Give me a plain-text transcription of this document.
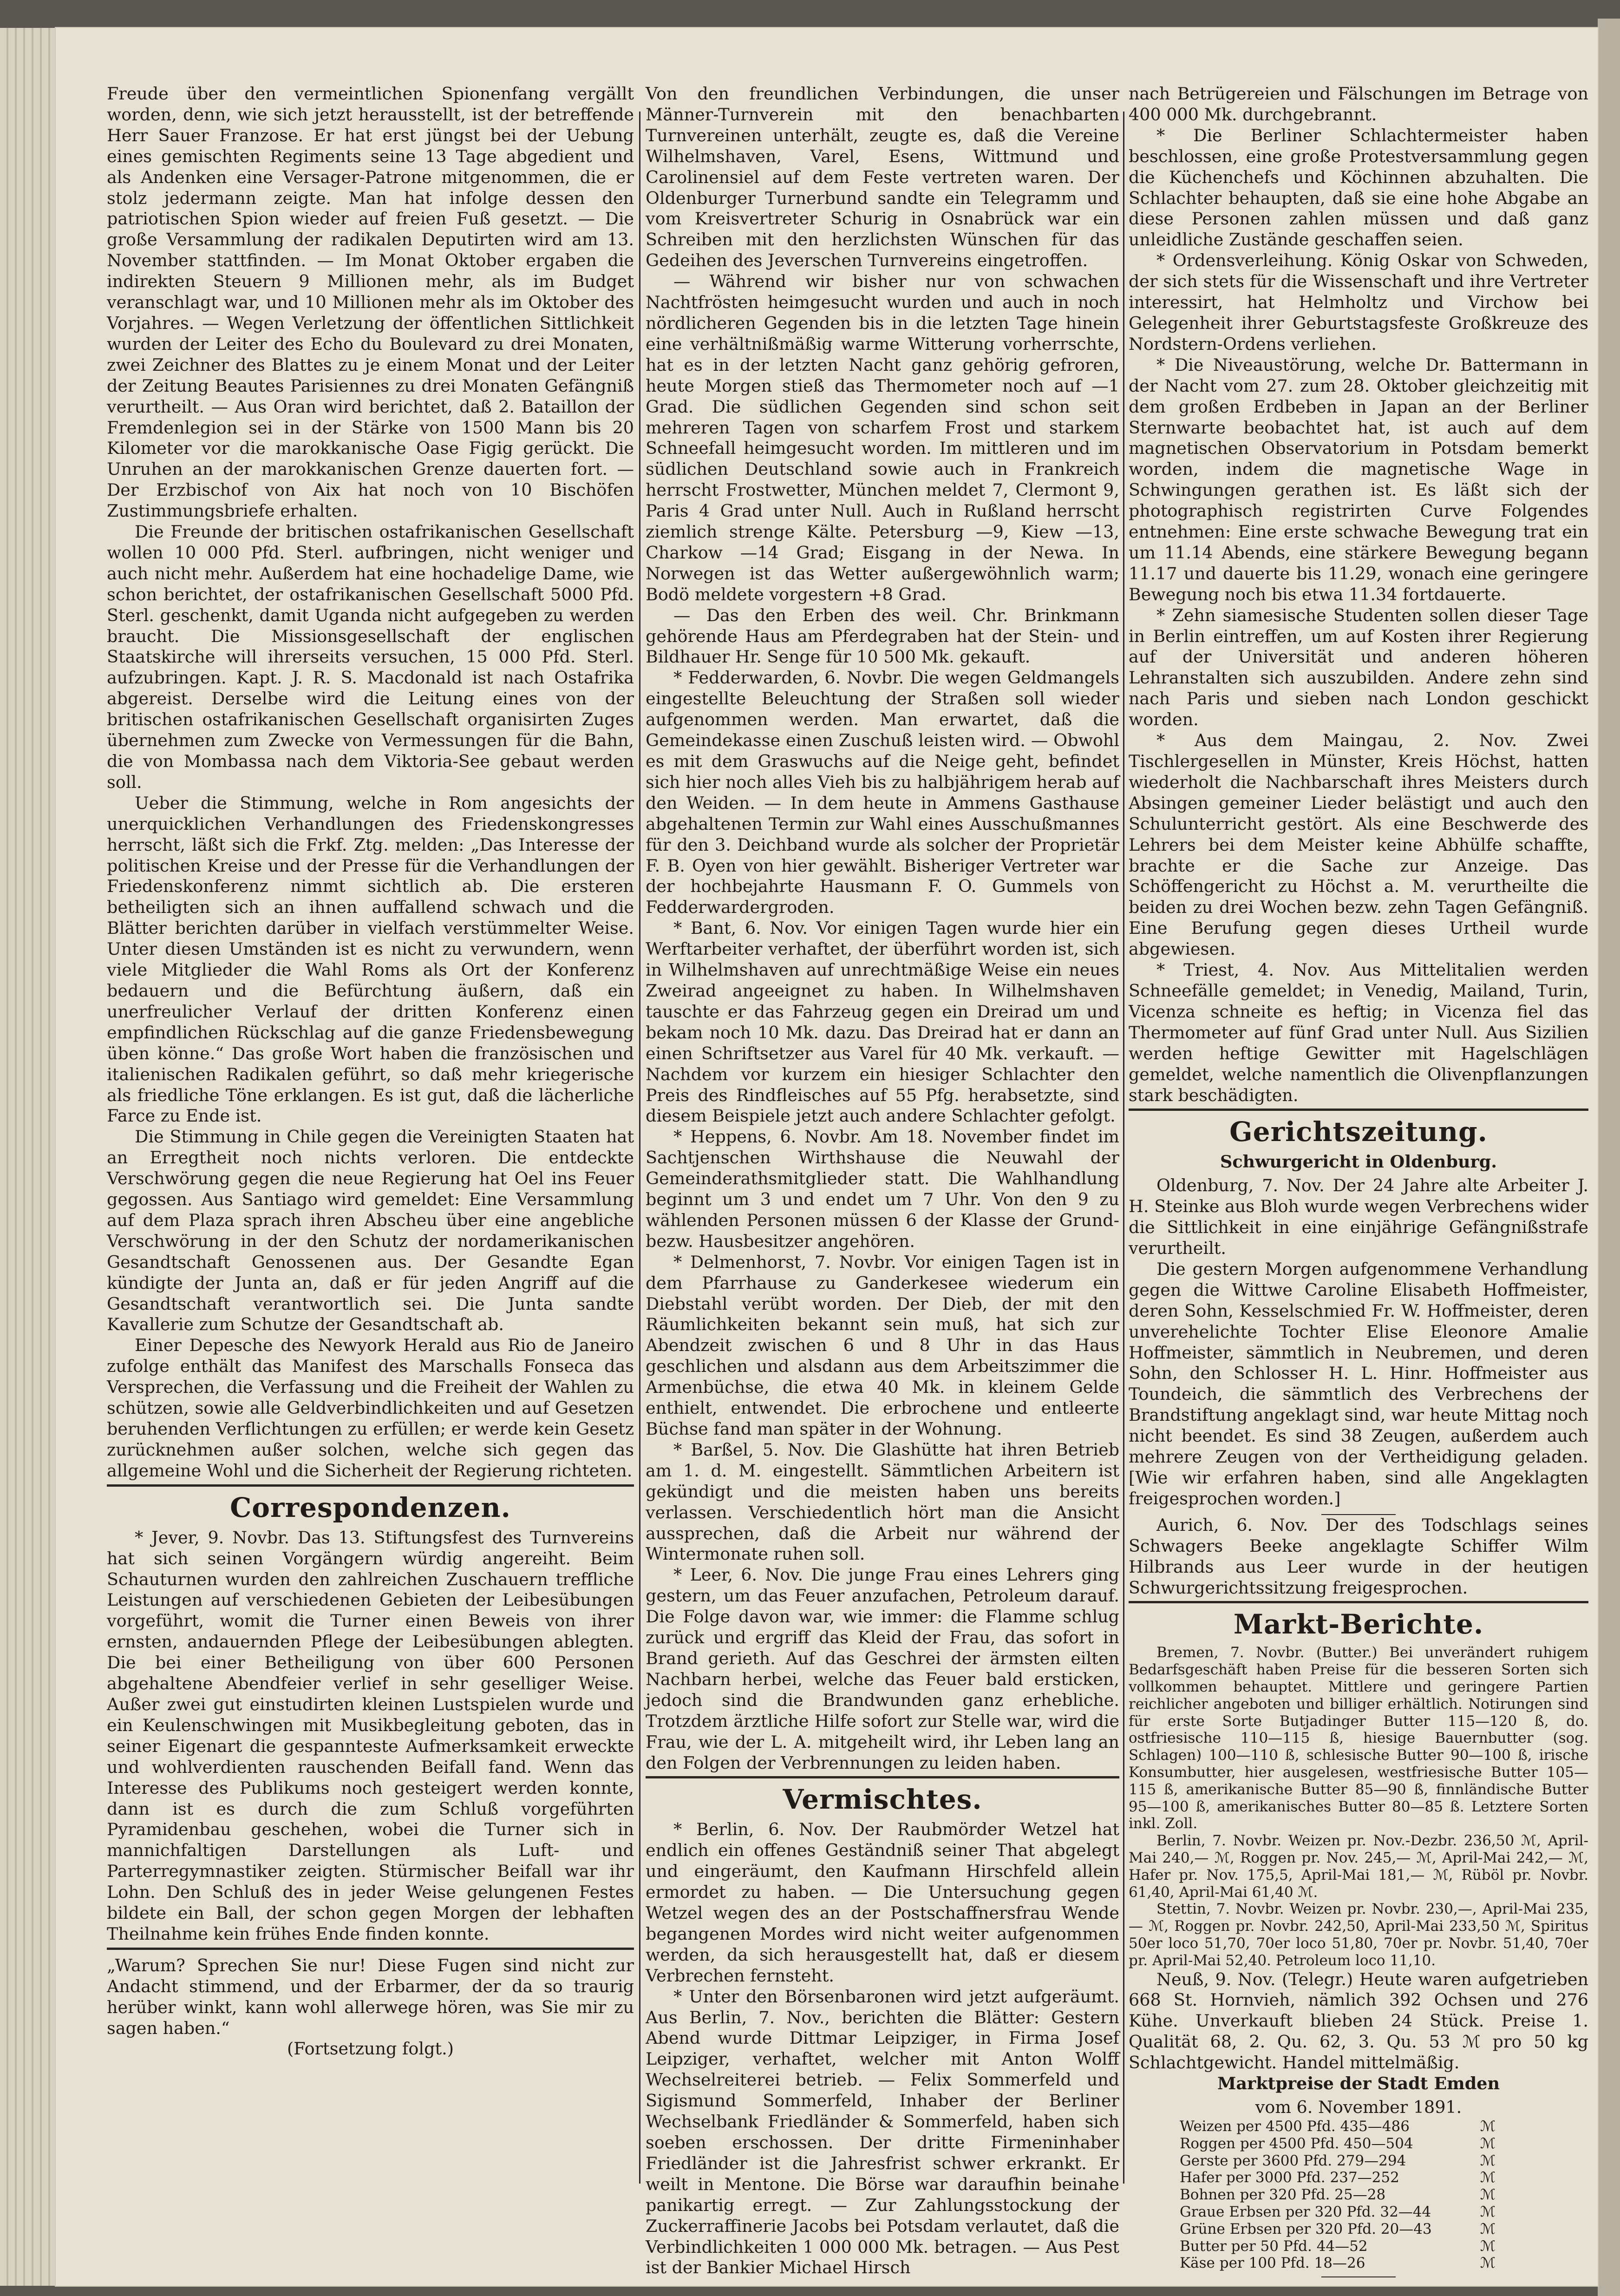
Freude über den vermeintlichen Spionenfang vergällt worden, denn, wie sich jetzt herausstellt, ist der betreffende Herr Sauer Franzose. Er hat erst jüngst bei der Uebung eines gemischten Regiments seine 13 Tage abgedient und als Andenken eine Versager-Patrone mitgenommen, die er stolz jedermann zeigte. Man hat infolge dessen den patriotischen Spion wieder auf freien Fuß gesetzt. — Die große Versammlung der radikalen Deputirten wird am 13. November stattfinden. — Im Monat Oktober ergaben die indirekten Steuern 9 Millionen mehr, als im Budget veranschlagt war, und 10 Millionen mehr als im Oktober des Vorjahres. — Wegen Verletzung der öffentlichen Sittlichkeit wurden der Leiter des Echo du Boulevard zu drei Monaten, zwei Zeichner des Blattes zu je einem Monat und der Leiter der Zeitung Beautes Parisiennes zu drei Monaten Gefängniß verurtheilt. — Aus Oran wird berichtet, daß 2. Bataillon der Fremdenlegion sei in der Stärke von 1500 Mann bis 20 Kilometer vor die marokkanische Oase Figig gerückt. Die Unruhen an der marokkanischen Grenze dauerten fort. — Der Erzbischof von Aix hat noch von 10 Bischöfen Zustimmungsbriefe erhalten.

Die Freunde der britischen ostafrikanischen Gesellschaft wollen 10 000 Pfd. Sterl. aufbringen, nicht weniger und auch nicht mehr. Außerdem hat eine hochadelige Dame, wie schon berichtet, der ostafrikanischen Gesellschaft 5000 Pfd. Sterl. geschenkt, damit Uganda nicht aufgegeben zu werden braucht. Die Missionsgesellschaft der englischen Staatskirche will ihrerseits versuchen, 15 000 Pfd. Sterl. aufzubringen. Kapt. J. R. S. Macdonald ist nach Ostafrika abgereist. Derselbe wird die Leitung eines von der britischen ostafrikanischen Gesellschaft organisirten Zuges übernehmen zum Zwecke von Vermessungen für die Bahn, die von Mombassa nach dem Viktoria-See gebaut werden soll.

Ueber die Stimmung, welche in Rom angesichts der unerquicklichen Verhandlungen des Friedenskongresses herrscht, läßt sich die Frkf. Ztg. melden: „Das Interesse der politischen Kreise und der Presse für die Verhandlungen der Friedenskonferenz nimmt sichtlich ab. Die ersteren betheiligten sich an ihnen auffallend schwach und die Blätter berichten darüber in vielfach verstümmelter Weise. Unter diesen Umständen ist es nicht zu verwundern, wenn viele Mitglieder die Wahl Roms als Ort der Konferenz bedauern und die Befürchtung äußern, daß ein unerfreulicher Verlauf der dritten Konferenz einen empfindlichen Rückschlag auf die ganze Friedensbewegung üben könne.“ Das große Wort haben die französischen und italienischen Radikalen geführt, so daß mehr kriegerische als friedliche Töne erklangen. Es ist gut, daß die lächerliche Farce zu Ende ist.

Die Stimmung in Chile gegen die Vereinigten Staaten hat an Erregtheit noch nichts verloren. Die entdeckte Verschwörung gegen die neue Regierung hat Oel ins Feuer gegossen. Aus Santiago wird gemeldet: Eine Versammlung auf dem Plaza sprach ihren Abscheu über eine angebliche Verschwörung in der den Schutz der nordamerikanischen Gesandtschaft Genossenen aus. Der Gesandte Egan kündigte der Junta an, daß er für jeden Angriff auf die Gesandtschaft verantwortlich sei. Die Junta sandte Kavallerie zum Schutze der Gesandtschaft ab.

Einer Depesche des Newyork Herald aus Rio de Janeiro zufolge enthält das Manifest des Marschalls Fonseca das Versprechen, die Verfassung und die Freiheit der Wahlen zu schützen, sowie alle Geldverbindlichkeiten und auf Gesetzen beruhenden Verflichtungen zu erfüllen; er werde kein Gesetz zurücknehmen außer solchen, welche sich gegen das allgemeine Wohl und die Sicherheit der Regierung richteten.

Correspondenzen.

* Jever, 9. Novbr. Das 13. Stiftungsfest des Turnvereins hat sich seinen Vorgängern würdig angereiht. Beim Schauturnen wurden den zahlreichen Zuschauern treffliche Leistungen auf verschiedenen Gebieten der Leibesübungen vorgeführt, womit die Turner einen Beweis von ihrer ernsten, andauernden Pflege der Leibesübungen ablegten. Die bei einer Betheiligung von über 600 Personen abgehaltene Abendfeier verlief in sehr geselliger Weise. Außer zwei gut einstudirten kleinen Lustspielen wurde und ein Keulenschwingen mit Musikbegleitung geboten, das in seiner Eigenart die gespannteste Aufmerksamkeit erweckte und wohlverdienten rauschenden Beifall fand. Wenn das Interesse des Publikums noch gesteigert werden konnte, dann ist es durch die zum Schluß vorgeführten Pyramidenbau geschehen, wobei die Turner sich in mannichfaltigen Darstellungen als Luft- und Parterregymnastiker zeigten. Stürmischer Beifall war ihr Lohn. Den Schluß des in jeder Weise gelungenen Festes bildete ein Ball, der schon gegen Morgen der lebhaften Theilnahme kein frühes Ende finden konnte.

„Warum? Sprechen Sie nur! Diese Fugen sind nicht zur Andacht stimmend, und der Erbarmer, der da so traurig herüber winkt, kann wohl allerwege hören, was Sie mir zu sagen haben.“

(Fortsetzung folgt.)

Von den freundlichen Verbindungen, die unser Männer-Turnverein mit den benachbarten Turnvereinen unterhält, zeugte es, daß die Vereine Wilhelmshaven, Varel, Esens, Wittmund und Carolinensiel auf dem Feste vertreten waren. Der Oldenburger Turnerbund sandte ein Telegramm und vom Kreisvertreter Schurig in Osnabrück war ein Schreiben mit den herzlichsten Wünschen für das Gedeihen des Jeverschen Turnvereins eingetroffen.

— Während wir bisher nur von schwachen Nachtfrösten heimgesucht wurden und auch in noch nördlicheren Gegenden bis in die letzten Tage hinein eine verhältnißmäßig warme Witterung vorherrschte, hat es in der letzten Nacht ganz gehörig gefroren, heute Morgen stieß das Thermometer noch auf —1 Grad. Die südlichen Gegenden sind schon seit mehreren Tagen von scharfem Frost und starkem Schneefall heimgesucht worden. Im mittleren und im südlichen Deutschland sowie auch in Frankreich herrscht Frostwetter, München meldet 7, Clermont 9, Paris 4 Grad unter Null. Auch in Rußland herrscht ziemlich strenge Kälte. Petersburg —9, Kiew —13, Charkow —14 Grad; Eisgang in der Newa. In Norwegen ist das Wetter außergewöhnlich warm; Bodö meldete vorgestern +8 Grad.

— Das den Erben des weil. Chr. Brinkmann gehörende Haus am Pferdegraben hat der Stein- und Bildhauer Hr. Senge für 10 500 Mk. gekauft.

* Fedderwarden, 6. Novbr. Die wegen Geldmangels eingestellte Beleuchtung der Straßen soll wieder aufgenommen werden. Man erwartet, daß die Gemeindekasse einen Zuschuß leisten wird. — Obwohl es mit dem Graswuchs auf die Neige geht, befindet sich hier noch alles Vieh bis zu halbjährigem herab auf den Weiden. — In dem heute in Ammens Gasthause abgehaltenen Termin zur Wahl eines Ausschußmannes für den 3. Deichband wurde als solcher der Proprietär F. B. Oyen von hier gewählt. Bisheriger Vertreter war der hochbejahrte Hausmann F. O. Gummels von Fedderwardergroden.

* Bant, 6. Nov. Vor einigen Tagen wurde hier ein Werftarbeiter verhaftet, der überführt worden ist, sich in Wilhelmshaven auf unrechtmäßige Weise ein neues Zweirad angeeignet zu haben. In Wilhelmshaven tauschte er das Fahrzeug gegen ein Dreirad um und bekam noch 10 Mk. dazu. Das Dreirad hat er dann an einen Schriftsetzer aus Varel für 40 Mk. verkauft. — Nachdem vor kurzem ein hiesiger Schlachter den Preis des Rindfleisches auf 55 Pfg. herabsetzte, sind diesem Beispiele jetzt auch andere Schlachter gefolgt.

* Heppens, 6. Novbr. Am 18. November findet im Sachtjenschen Wirthshause die Neuwahl der Gemeinderathsmitglieder statt. Die Wahlhandlung beginnt um 3 und endet um 7 Uhr. Von den 9 zu wählenden Personen müssen 6 der Klasse der Grund- bezw. Hausbesitzer angehören.

* Delmenhorst, 7. Novbr. Vor einigen Tagen ist in dem Pfarrhause zu Ganderkesee wiederum ein Diebstahl verübt worden. Der Dieb, der mit den Räumlichkeiten bekannt sein muß, hat sich zur Abendzeit zwischen 6 und 8 Uhr in das Haus geschlichen und alsdann aus dem Arbeitszimmer die Armenbüchse, die etwa 40 Mk. in kleinem Gelde enthielt, entwendet. Die erbrochene und entleerte Büchse fand man später in der Wohnung.

* Barßel, 5. Nov. Die Glashütte hat ihren Betrieb am 1. d. M. eingestellt. Sämmtlichen Arbeitern ist gekündigt und die meisten haben uns bereits verlassen. Verschiedentlich hört man die Ansicht aussprechen, daß die Arbeit nur während der Wintermonate ruhen soll.

* Leer, 6. Nov. Die junge Frau eines Lehrers ging gestern, um das Feuer anzufachen, Petroleum darauf. Die Folge davon war, wie immer: die Flamme schlug zurück und ergriff das Kleid der Frau, das sofort in Brand gerieth. Auf das Geschrei der ärmsten eilten Nachbarn herbei, welche das Feuer bald ersticken, jedoch sind die Brandwunden ganz erhebliche. Trotzdem ärztliche Hilfe sofort zur Stelle war, wird die Frau, wie der L. A. mitgeheilt wird, ihr Leben lang an den Folgen der Verbrennungen zu leiden haben.

Vermischtes.

* Berlin, 6. Nov. Der Raubmörder Wetzel hat endlich ein offenes Geständniß seiner That abgelegt und eingeräumt, den Kaufmann Hirschfeld allein ermordet zu haben. — Die Untersuchung gegen Wetzel wegen des an der Postschaffnersfrau Wende begangenen Mordes wird nicht weiter aufgenommen werden, da sich herausgestellt hat, daß er diesem Verbrechen fernsteht.

* Unter den Börsenbaronen wird jetzt aufgeräumt. Aus Berlin, 7. Nov., berichten die Blätter: Gestern Abend wurde Dittmar Leipziger, in Firma Josef Leipziger, verhaftet, welcher mit Anton Wolff Wechselreiterei betrieb. — Felix Sommerfeld und Sigismund Sommerfeld, Inhaber der Berliner Wechselbank Friedländer & Sommerfeld, haben sich soeben erschossen. Der dritte Firmeninhaber Friedländer ist die Jahresfrist schwer erkrankt. Er weilt in Mentone. Die Börse war daraufhin beinahe panikartig erregt. — Zur Zahlungsstockung der Zuckerraffinerie Jacobs bei Potsdam verlautet, daß die Verbindlichkeiten 1 000 000 Mk. betragen. — Aus Pest ist der Bankier Michael Hirsch

nach Betrügereien und Fälschungen im Betrage von 400 000 Mk. durchgebrannt.

* Die Berliner Schlachtermeister haben beschlossen, eine große Protestversammlung gegen die Küchenchefs und Köchinnen abzuhalten. Die Schlachter behaupten, daß sie eine hohe Abgabe an diese Personen zahlen müssen und daß ganz unleidliche Zustände geschaffen seien.

* Ordensverleihung. König Oskar von Schweden, der sich stets für die Wissenschaft und ihre Vertreter interessirt, hat Helmholtz und Virchow bei Gelegenheit ihrer Geburtstagsfeste Großkreuze des Nordstern-Ordens verliehen.

* Die Niveaustörung, welche Dr. Battermann in der Nacht vom 27. zum 28. Oktober gleichzeitig mit dem großen Erdbeben in Japan an der Berliner Sternwarte beobachtet hat, ist auch auf dem magnetischen Observatorium in Potsdam bemerkt worden, indem die magnetische Wage in Schwingungen gerathen ist. Es läßt sich der photographisch registrirten Curve Folgendes entnehmen: Eine erste schwache Bewegung trat ein um 11.14 Abends, eine stärkere Bewegung begann 11.17 und dauerte bis 11.29, wonach eine geringere Bewegung noch bis etwa 11.34 fortdauerte.

* Zehn siamesische Studenten sollen dieser Tage in Berlin eintreffen, um auf Kosten ihrer Regierung auf der Universität und anderen höheren Lehranstalten sich auszubilden. Andere zehn sind nach Paris und sieben nach London geschickt worden.

* Aus dem Maingau, 2. Nov. Zwei Tischlergesellen in Münster, Kreis Höchst, hatten wiederholt die Nachbarschaft ihres Meisters durch Absingen gemeiner Lieder belästigt und auch den Schulunterricht gestört. Als eine Beschwerde des Lehrers bei dem Meister keine Abhülfe schaffte, brachte er die Sache zur Anzeige. Das Schöffengericht zu Höchst a. M. verurtheilte die beiden zu drei Wochen bezw. zehn Tagen Gefängniß. Eine Berufung gegen dieses Urtheil wurde abgewiesen.

* Triest, 4. Nov. Aus Mittelitalien werden Schneefälle gemeldet; in Venedig, Mailand, Turin, Vicenza schneite es heftig; in Vicenza fiel das Thermometer auf fünf Grad unter Null. Aus Sizilien werden heftige Gewitter mit Hagelschlägen gemeldet, welche namentlich die Olivenpflanzungen stark beschädigten.

Gerichtszeitung.
Schwurgericht in Oldenburg.

Oldenburg, 7. Nov. Der 24 Jahre alte Arbeiter J. H. Steinke aus Bloh wurde wegen Verbrechens wider die Sittlichkeit in eine einjährige Gefängnißstrafe verurtheilt.

Die gestern Morgen aufgenommene Verhandlung gegen die Wittwe Caroline Elisabeth Hoffmeister, deren Sohn, Kesselschmied Fr. W. Hoffmeister, deren unverehelichte Tochter Elise Eleonore Amalie Hoffmeister, sämmtlich in Neubremen, und deren Sohn, den Schlosser H. L. Hinr. Hoffmeister aus Toundeich, die sämmtlich des Verbrechens der Brandstiftung angeklagt sind, war heute Mittag noch nicht beendet. Es sind 38 Zeugen, außerdem auch mehrere Zeugen von der Vertheidigung geladen. [Wie wir erfahren haben, sind alle Angeklagten freigesprochen worden.]

Aurich, 6. Nov. Der des Todschlags seines Schwagers Beeke angeklagte Schiffer Wilm Hilbrands aus Leer wurde in der heutigen Schwurgerichtssitzung freigesprochen.

Markt-Berichte.

Bremen, 7. Novbr. (Butter.) Bei unverändert ruhigem Bedarfsgeschäft haben Preise für die besseren Sorten sich vollkommen behauptet. Mittlere und geringere Partien reichlicher angeboten und billiger erhältlich. Notirungen sind für erste Sorte Butjadinger Butter 115—120 ß, do. ostfriesische 110—115 ß, hiesige Bauernbutter (sog. Schlagen) 100—110 ß, schlesische Butter 90—100 ß, irische Konsumbutter, hier ausgelesen, westfriesische Butter 105—115 ß, amerikanische Butter 85—90 ß, finnländische Butter 95—100 ß, amerikanisches Butter 80—85 ß. Letztere Sorten inkl. Zoll.

Berlin, 7. Novbr. Weizen pr. Nov.-Dezbr. 236,50 ℳ, April-Mai 240,— ℳ, Roggen pr. Nov. 245,— ℳ, April-Mai 242,— ℳ, Hafer pr. Nov. 175,5, April-Mai 181,— ℳ, Rüböl pr. Novbr. 61,40, April-Mai 61,40 ℳ.

Stettin, 7. Novbr. Weizen pr. Novbr. 230,—, April-Mai 235,— ℳ, Roggen pr. Novbr. 242,50, April-Mai 233,50 ℳ, Spiritus 50er loco 51,70, 70er loco 51,80, 70er pr. Novbr. 51,40, 70er pr. April-Mai 52,40. Petroleum loco 11,10.

Neuß, 9. Nov. (Telegr.) Heute waren aufgetrieben 668 St. Hornvieh, nämlich 392 Ochsen und 276 Kühe. Unverkauft blieben 24 Stück. Preise 1. Qualität 68, 2. Qu. 62, 3. Qu. 53 ℳ pro 50 kg Schlachtgewicht. Handel mittelmäßig.

Marktpreise der Stadt Emden
vom 6. November 1891.
Weizen per 4500 Pfd. 435—486	ℳ
Roggen per 4500 Pfd. 450—504	ℳ
Gerste per 3600 Pfd. 279—294	ℳ
Hafer per 3000 Pfd. 237—252	ℳ
Bohnen per 320 Pfd. 25—28	ℳ
Graue Erbsen per 320 Pfd. 32—44	ℳ
Grüne Erbsen per 320 Pfd. 20—43	ℳ
Butter per 50 Pfd. 44—52	ℳ
Käse per 100 Pfd. 18—26	ℳ
